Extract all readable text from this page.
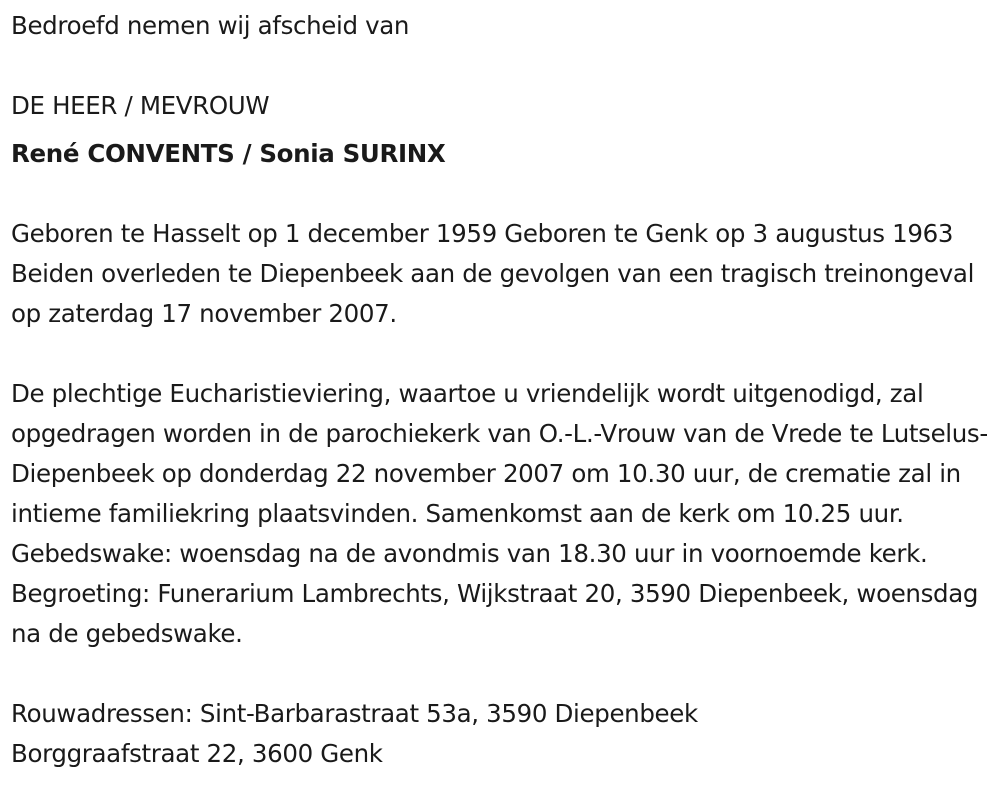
Bedroefd nemen wij afscheid van

DE HEER / MEVROUW

René CONVENTS / Sonia SURINX

Geboren te Hasselt op 1 december 1959 Geboren te Genk op 3 augustus 1963 Beiden overleden te Diepenbeek aan de gevolgen van een tragisch treinongeval op zaterdag 17 november 2007.

De plechtige Eucharistieviering, waartoe u vriendelijk wordt uitgenodigd, zal opgedragen worden in de parochiekerk van O.-L.-Vrouw van de Vrede te Lutselus-Diepenbeek op donderdag 22 november 2007 om 10.30 uur, de crematie zal in intieme familiekring plaatsvinden. Samenkomst aan de kerk om 10.25 uur. Gebedswake: woensdag na de avondmis van 18.30 uur in voornoemde kerk. Begroeting: Funerarium Lambrechts, Wijkstraat 20, 3590 Diepenbeek, woensdag na de gebedswake.

Rouwadressen: Sint-Barbarastraat 53a, 3590 Diepenbeek

Borggraafstraat 22, 3600 Genk
